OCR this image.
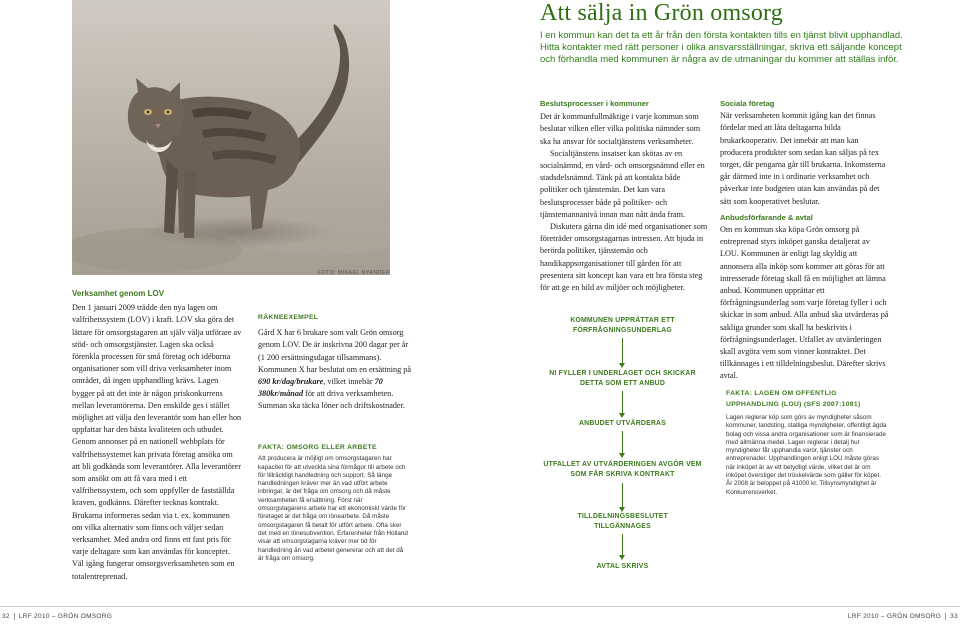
FOTO: MIKAEL NYANDER
Att sälja in Grön omsorg

I en kommun kan det ta ett år från den första kontakten tills en tjänst blivit upphandlad. Hitta kontakter med rätt personer i olika ansvarsställningar, skriva ett säljande koncept och förhandla med kommunen är några av de utmaningar du kommer att ställas inför.

Verksamhet genom LOV

Den 1 januari 2009 trädde den nya lagen om valfrihetssystem (LOV) i kraft. LOV ska göra det lättare för omsorgstagaren att själv välja utförare av stöd- och omsorgstjänster. Lagen ska också förenkla processen för små företag och idéburna organisationer som vill driva verksamheter inom området, då ingen upphandling krävs. Lagen bygger på att det inte är någon priskonkurrens mellan leverantörerna. Den enskilde ges i stället möjlighet att välja den leverantör som han eller hon uppfattar har den bästa kvaliteten och utbudet. Genom annonser på en nationell webbplats för valfrihetssystemet kan privata företag ansöka om att bli godkända som leverantörer. Alla leverantörer som ansökt om att få vara med i ett valfrihetssystem, och som uppfyller de fastställda kraven, godkänns. Därefter tecknas kontrakt. Brukarna informeras sedan via t. ex. kommunen om vilka alternativ som finns och väljer sedan verksamhet. Med andra ord finns ett fast pris för varje deltagare som kan användas för konceptet. Väl igång fungerar omsorgsverksamheten som en totalentreprenad.

RÄKNEEXEMPEL

Gård X har 6 brukare som valt Grön omsorg genom LOV. De är inskrivna 200 dagar per år (1 200 ersättningsdagar tillsammans). Kommunen X har beslutat om en ersättning på 690 kr/dag/brukare, vilket innebär 70 380kr/månad för att driva verksamheten. Summan ska täcka löner och driftskostnader.

FAKTA: OMSORG ELLER ARBETE

Att producera är möjligt om omsorgstagaren har kapacitet för att utveckla sina förmågor till arbete och för tillräckligt handledning och support. Så länge handledningen kräver mer än vad utfört arbete inbringar, är det fråga om omsorg och då måste verksamheten få ersättning. Först när omsorgstagarens arbete har ett ekonomiskt värde för företaget är det fråga om lönearbete. Då måste omsorgstagaren få betalt för utfört arbete. Ofta sker det med en lönesubvention. Erfarenheter från Holland visar att omsorgstagarna kräver mer tid för handledning än vad arbetet genererar och att det då är fråga om omsorg.

Beslutsprocesser i kommuner

Det är kommunfullmäktige i varje kommun som beslutar vilken eller vilka politiska nämnder som ska ha ansvar för socialtjänstens verksamheter.

Socialtjänstens insatser kan skötas av en socialnämnd, en vård- och omsorgsnämnd eller en stadsdelsnämnd. Tänk på att kontakta både politiker och tjänstemän. Det kan vara beslutsprocesser både på politiker- och tjänstemannanivå innan man nått ända fram.

Diskutera gärna din idé med organisationer som företräder omsorgstagarnas intressen. Att bjuda in berörda politiker, tjänstemän och handikappsorganisationer till gården för att presentera sitt koncept kan vara ett bra första steg för att ge en bild av miljöer och möjligheter.

KOMMUNEN UPPRÄTTAR ETT FÖRFRÅGNINGSUNDERLAG
NI FYLLER I UNDERLAGET OCH SKICKAR DETTA SOM ETT ANBUD
ANBUDET UTVÄRDERAS
UTFALLET AV UTVÄRDERINGEN AVGÖR VEM SOM FÅR SKRIVA KONTRAKT
TILLDELNINGSBESLUTET TILLGÄNNAGES
AVTAL SKRIVS
Sociala företag

När verksamheten kommit igång kan det finnas fördelar med att låta deltagarna bilda brukarkooperativ. Det innebär att man kan producera produkter som sedan kan säljas på tex torget, där pengarna går till brukarna. Inkomsterna går därmed inte in i ordinarie verksamhet och påverkar inte budgeten utan kan användas på det sätt som kooperativet beslutar.

Anbudsförfarande & avtal

Om en kommun ska köpa Grön omsorg på entreprenad styrs inköpet ganska detaljerat av LOU. Kommunen är enligt lag skyldig att annonsera alla inköp som kommer att göras för att intresserade företag skall få en möjlighet att lämna anbud. Kommunen upprättar ett förfrågningsunderlag som varje företag fyller i och skickar in som anbud. Alla anbud ska utvärderas på sakliga grunder som skall ha beskrivits i förfrågningsunderlaget. Utfallet av utvärderingen skall avgöra vem som vinner kontraktet. Det tillkännages i ett tilldelningsbeslut. Därefter skrivs avtal.

FAKTA: LAGEN OM OFFENTLIG UPPHANDLING (LOU) (SFS 2007:1091)

Lagen reglerar köp som görs av myndigheter såsom kommuner, landsting, statliga myndigheter, offentligt ägda bolag och vissa andra organisationer som är finansierade med allmänna medel. Lagen reglerar i detalj hur myndigheter får upphandla varor, tjänster och entreprenader. Upphandlingen enligt LOU måste göras när inköpet är av ett betydligt värde, vilket det är om inköpet överstiger det tröskelvärde som gäller för köpet. År 2008 är beloppet på 41000 kr. Tillsynsmyndighet är Konkurrensverket.

32 LRF 2010 – GRÖN OMSORG	LRF 2010 – GRÖN OMSORG 33
